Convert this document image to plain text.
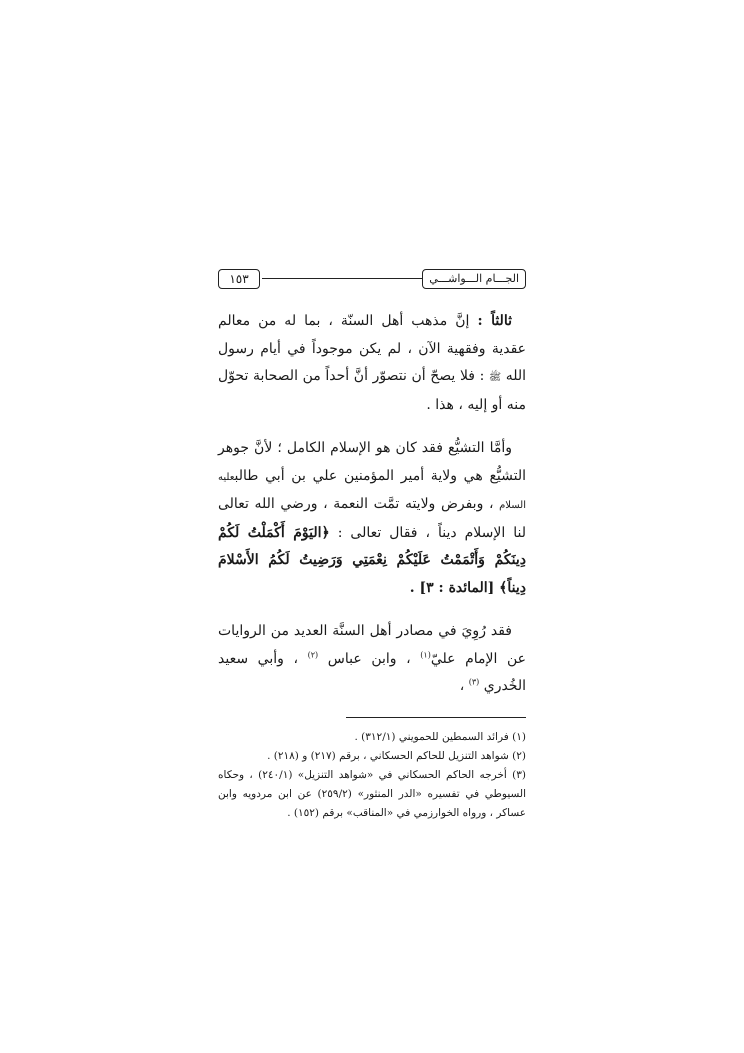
١٥٣	الجـــام الـــواشـــي

ثالثاً : إنَّ مذهب أهل السنّة ، بما له من معالم عقدية وفقهية الآن ، لم يكن موجوداً في أيام رسول الله ﷺ : فلا يصحّ أن نتصوّر أنَّ أحداً من الصحابة تحوّل منه أو إليه ، هذا .

وأمَّا التشيُّع فقد كان هو الإسلام الكامل ؛ لأنَّ جوهر التشيُّع هي ولاية أمير المؤمنين علي بن أبي طالبعليه السلام ، وبفرض ولايته تمَّت النعمة ، ورضي الله تعالى لنا الإسلام ديناً ، فقال تعالى : ﴿اليَوْمَ أَكْمَلْتُ لَكُمْ دِينَكُمْ وَأَتْمَمْتُ عَلَيْكُمْ نِعْمَتِي وَرَضِيتُ لَكُمُ الأَسْلامَ دِيناً﴾ [المائدة : ٣] .

فقد رُوِيَ في مصادر أهل السنَّة العديد من الروايات عن الإمام عليّ$^{(١)}$ ، وابن عباس $^{(٢)}$ ، وأبي سعيد الخُدري $^{(٣)}$ ،

(١) فرائد السمطين للحمويني (٣١٢/١) .

(٢) شواهد التنزيل للحاكم الحسكاني ، برقم (٢١٧) و (٢١٨) .

(٣) أخرجه الحاكم الحسكاني في «شواهد التنزيل» (٢٤٠/١) ، وحكاه السيوطي في تفسيره «الدر المنثور» (٢٥٩/٢) عن ابن مردويه وابن عساكر ، ورواه الخوارزمي في «المناقب» برقم (١٥٢) .
